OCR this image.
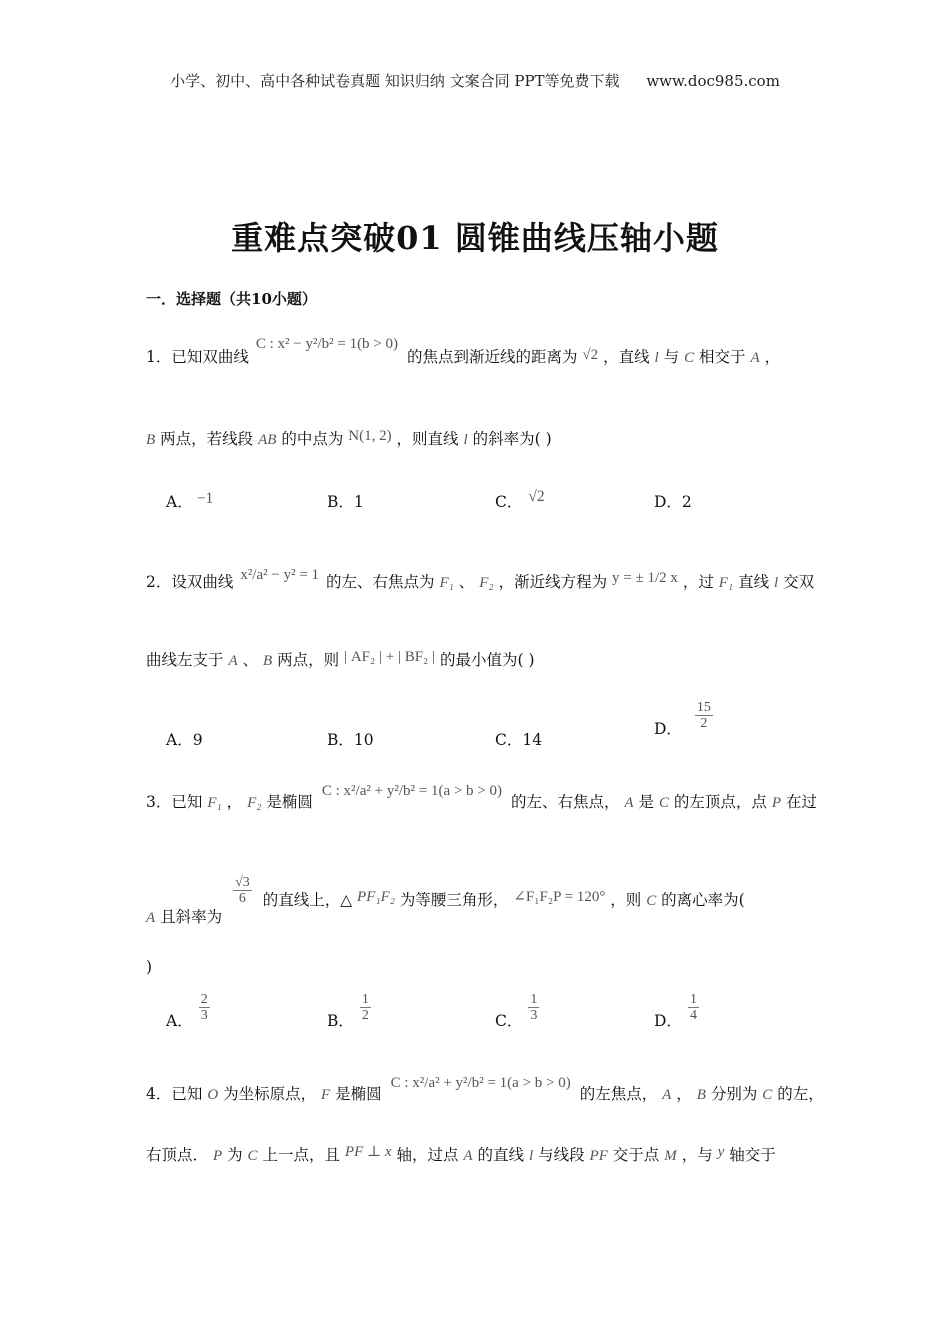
小学、初中、高中各种试卷真题 知识归纳 文案合同 PPT等免费下载 www.doc985.com
重难点突破01 圆锥曲线压轴小题
一．选择题（共10小题）
1．已知双曲线 C : x² − y²/b² = 1(b > 0) 的焦点到渐近线的距离为 √2 ，直线 l 与 C 相交于 A ，
B 两点，若线段 AB 的中点为 N(1, 2) ，则直线 l 的斜率为( )
A． −1	B．1	C． √2	D．2
2．设双曲线 x²/a² − y² = 1 的左、右焦点为 F₁ 、 F₂ ，渐近线方程为 y = ± 1/2 x ，过 F₁ 直线 l 交双
曲线左支于 A 、 B 两点，则 | AF₂ | + | BF₂ | 的最小值为( )
A．9	B．10	C．14
D． $\frac{15}{2}$
3．已知 F₁ ， F₂ 是椭圆 C : x²/a² + y²/b² = 1(a > b > 0) 的左、右焦点， A 是 C 的左顶点，点 P 在过
A 且斜率为
$\frac{√3}{6}$ 的直线上，△ PF₁F₂ 为等腰三角形， ∠F₁F₂P = 120° ，则 C 的离心率为(
)
A． $\frac{2}{3}$	B． $\frac{1}{2}$	C． $\frac{1}{3}$	D． $\frac{1}{4}$
4．已知 O 为坐标原点， F 是椭圆 C : x²/a² + y²/b² = 1(a > b > 0) 的左焦点， A ， B 分别为 C 的左，
右顶点． P 为 C 上一点，且 PF ⊥ x 轴，过点 A 的直线 l 与线段 PF 交于点 M ，与 y 轴交于
